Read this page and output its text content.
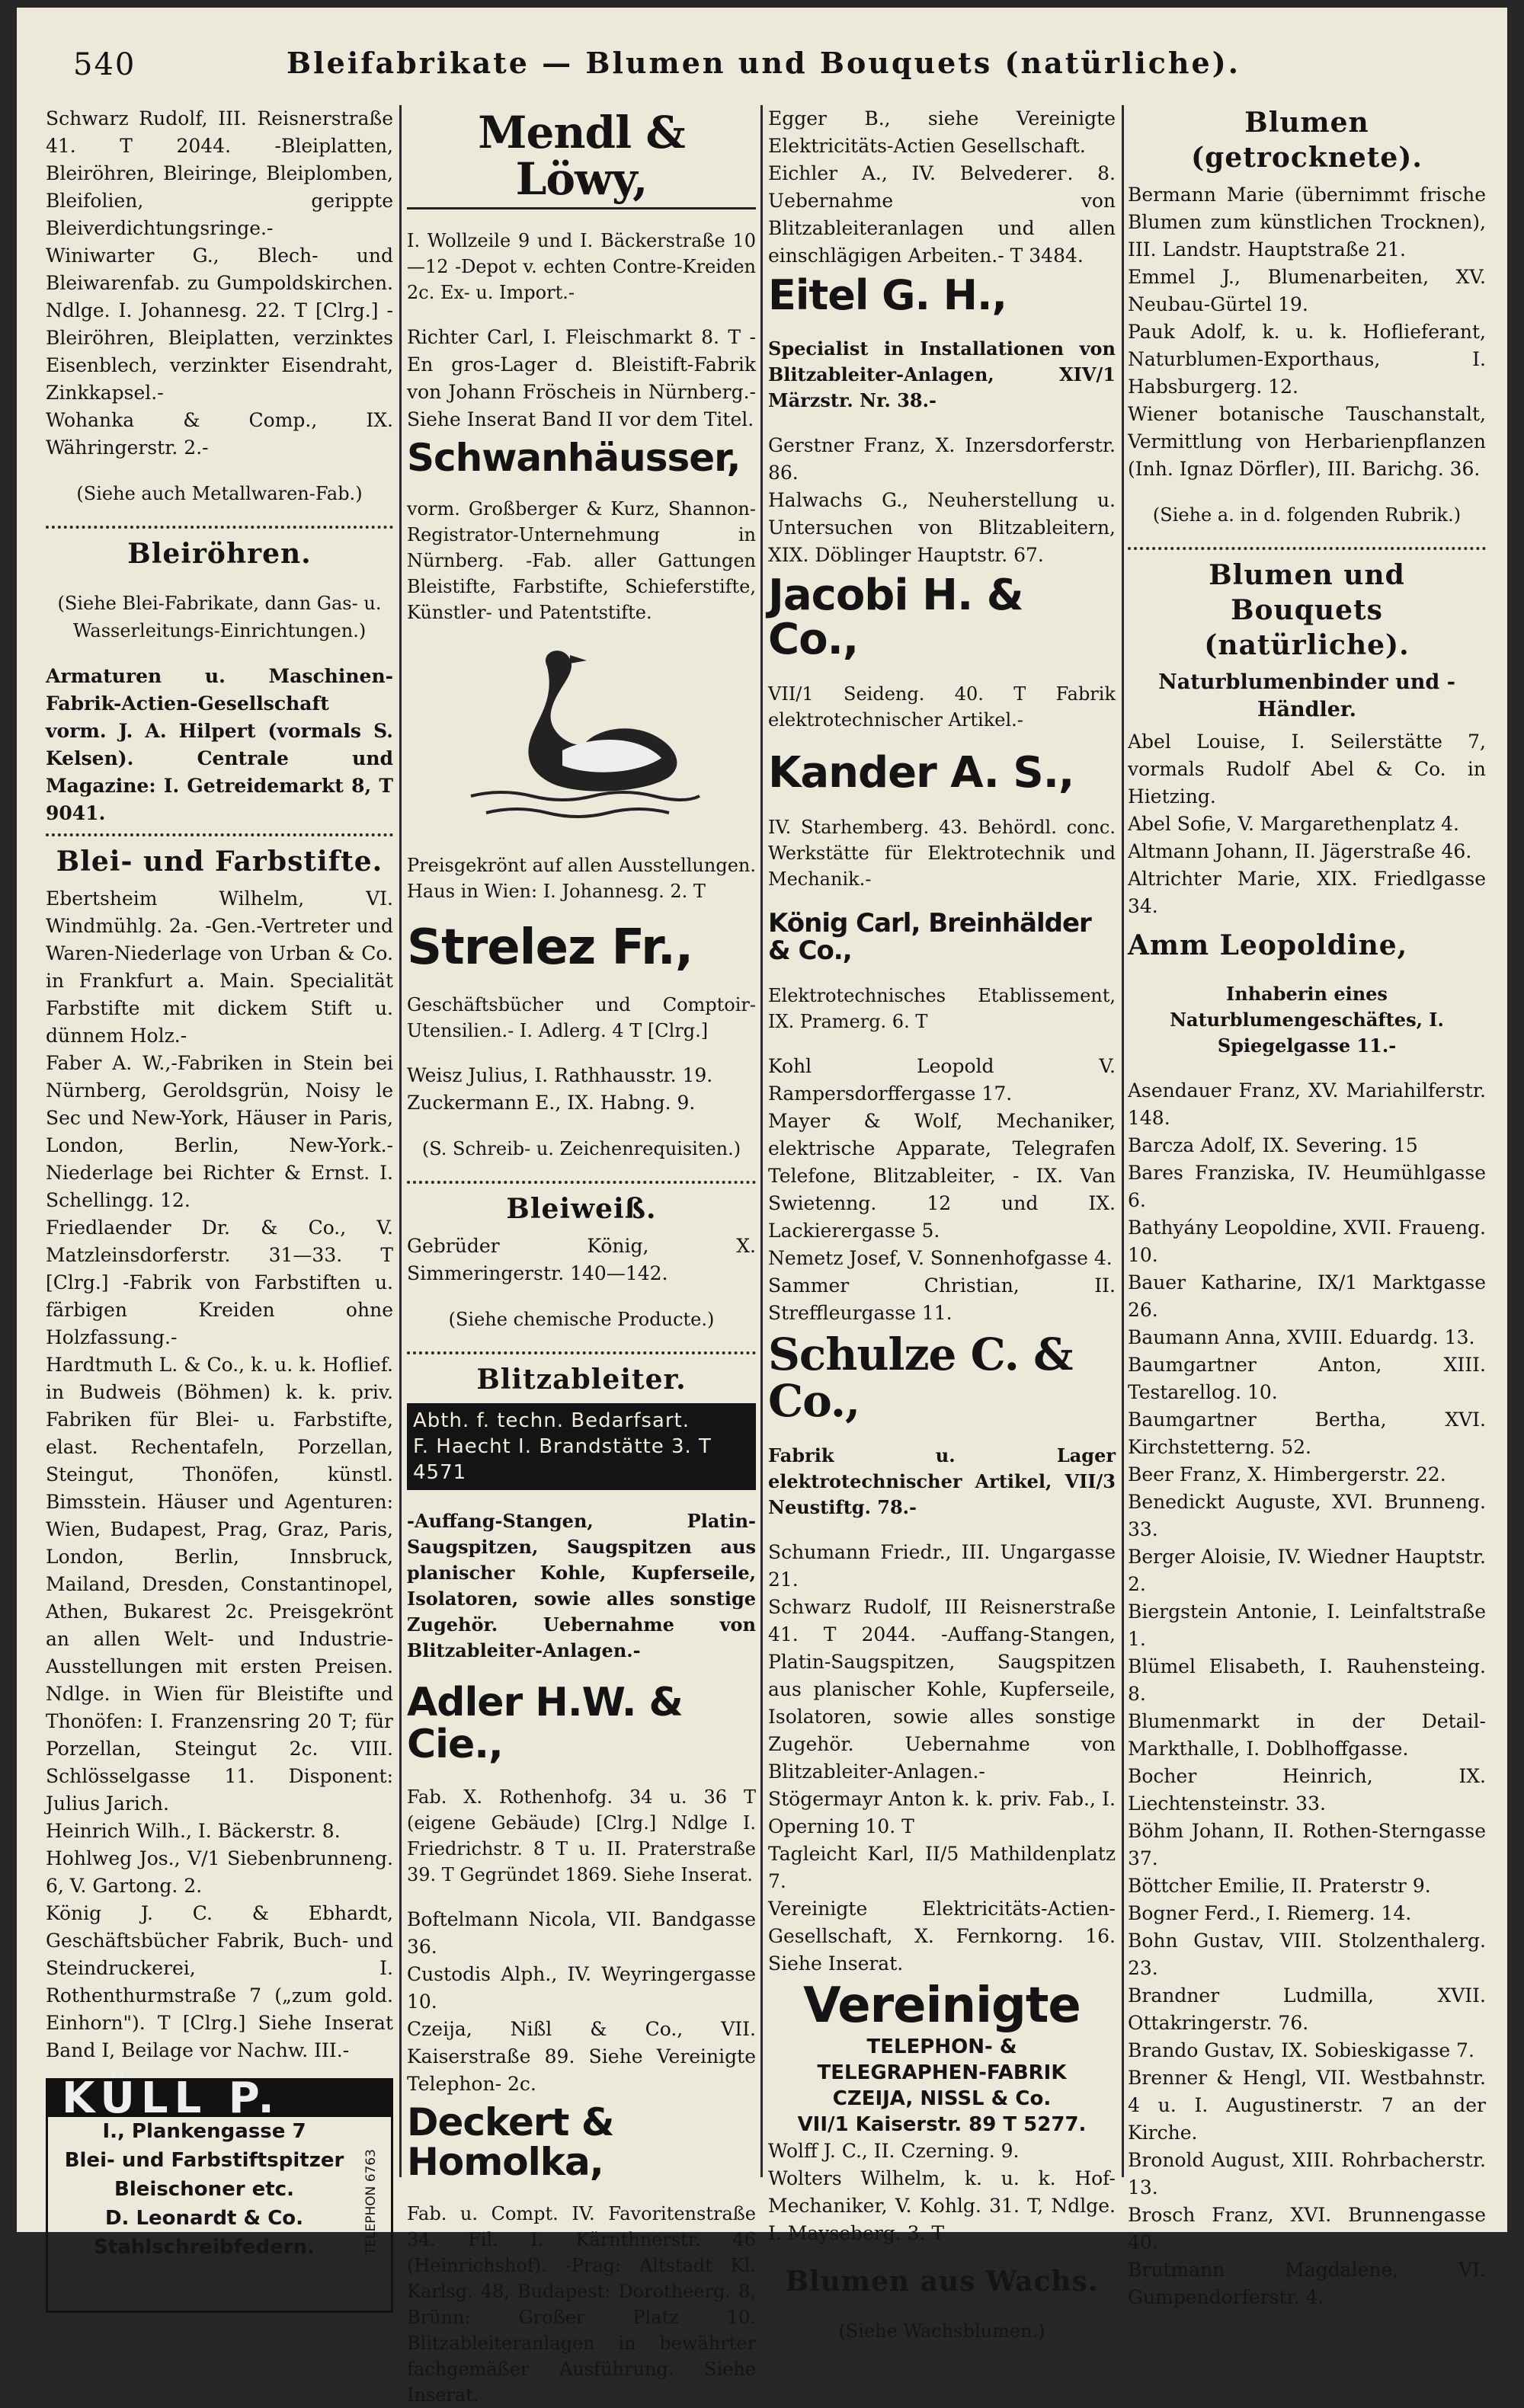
540	Bleifabrikate — Blumen und Bouquets (natürliche).

Schwarz Rudolf, III. Reisnerstraße 41. T 2044. -Bleiplatten, Bleiröhren, Bleiringe, Bleiplomben, Bleifolien, gerippte Bleiverdichtungsringe.-

Winiwarter G., Blech- und Bleiwarenfab. zu Gumpoldskirchen. Ndlge. I. Johannesg. 22. T [Clrg.] -Bleiröhren, Bleiplatten, verzinktes Eisenblech, verzinkter Eisendraht, Zinkkapsel.-

Wohanka & Comp., IX. Währingerstr. 2.-

(Siehe auch Metallwaren-Fab.)

Bleiröhren.

(Siehe Blei-Fabrikate, dann Gas- u. Wasserleitungs-Einrichtungen.)

Armaturen u. Maschinen-Fabrik-Actien-Gesellschaft vorm. J. A. Hilpert (vormals S. Kelsen). Centrale und Magazine: I. Getreidemarkt 8, T 9041.

Blei- und Farbstifte.

Ebertsheim Wilhelm, VI. Windmühlg. 2a. -Gen.-Vertreter und Waren-Niederlage von Urban & Co. in Frankfurt a. Main. Specialität Farbstifte mit dickem Stift u. dünnem Holz.-

Faber A. W.,-Fabriken in Stein bei Nürnberg, Geroldsgrün, Noisy le Sec und New-York, Häuser in Paris, London, Berlin, New-York.- Niederlage bei Richter & Ernst. I. Schellingg. 12.

Friedlaender Dr. & Co., V. Matzleinsdorferstr. 31—33. T [Clrg.] -Fabrik von Farbstiften u. färbigen Kreiden ohne Holzfassung.-

Hardtmuth L. & Co., k. u. k. Hoflief. in Budweis (Böhmen) k. k. priv. Fabriken für Blei- u. Farbstifte, elast. Rechentafeln, Porzellan, Steingut, Thonöfen, künstl. Bimsstein. Häuser und Agenturen: Wien, Budapest, Prag, Graz, Paris, London, Berlin, Innsbruck, Mailand, Dresden, Constantinopel, Athen, Bukarest 2c. Preisgekrönt an allen Welt- und Industrie-Ausstellungen mit ersten Preisen. Ndlge. in Wien für Bleistifte und Thonöfen: I. Franzensring 20 T; für Porzellan, Steingut 2c. VIII. Schlösselgasse 11. Disponent: Julius Jarich.

Heinrich Wilh., I. Bäckerstr. 8.

Hohlweg Jos., V/1 Siebenbrunneng. 6, V. Gartong. 2.

König J. C. & Ebhardt, Geschäftsbücher Fabrik, Buch- und Steindruckerei, I. Rothenthurmstraße 7 („zum gold. Einhorn"). T [Clrg.] Siehe Inserat Band I, Beilage vor Nachw. III.-

KÜLL P.
I., Plankengasse 7
Blei- und Farbstiftspitzer
Bleischoner etc.
D. Leonardt & Co.
Stahlschreibfedern.	TELEPHON 6763
Mendl & Löwy,

I. Wollzeile 9 und I. Bäckerstraße 10—12 -Depot v. echten Contre-Kreiden 2c. Ex- u. Import.-

Richter Carl, I. Fleischmarkt 8. T -En gros-Lager d. Bleistift-Fabrik von Johann Fröscheis in Nürnberg.- Siehe Inserat Band II vor dem Titel.

Schwanhäusser,

vorm. Großberger & Kurz, Shannon-Registrator-Unternehmung in Nürnberg. -Fab. aller Gattungen Bleistifte, Farbstifte, Schieferstifte, Künstler- und Patentstifte.

Preisgekrönt auf allen Ausstellungen. Haus in Wien: I. Johannesg. 2. T

Strelez Fr.,

Geschäftsbücher und Comptoir-Utensilien.- I. Adlerg. 4 T [Clrg.]

Weisz Julius, I. Rathhausstr. 19.

Zuckermann E., IX. Habng. 9.

(S. Schreib- u. Zeichenrequisiten.)

Bleiweiß.

Gebrüder König, X. Simmeringerstr. 140—142.

(Siehe chemische Producte.)

Blitzableiter.
Abth. f. techn. Bedarfsart.
F. Haecht I. Brandstätte 3. T 4571

-Auffang-Stangen, Platin-Saugspitzen, Saugspitzen aus planischer Kohle, Kupferseile, Isolatoren, sowie alles sonstige Zugehör. Uebernahme von Blitzableiter-Anlagen.-

Adler H.W. & Cie.,

Fab. X. Rothenhofg. 34 u. 36 T (eigene Gebäude) [Clrg.] Ndlge I. Friedrichstr. 8 T u. II. Praterstraße 39. T Gegründet 1869. Siehe Inserat.

Boftelmann Nicola, VII. Bandgasse 36.

Custodis Alph., IV. Weyringergasse 10.

Czeija, Nißl & Co., VII. Kaiserstraße 89. Siehe Vereinigte Telephon- 2c.

Deckert & Homolka,

Fab. u. Compt. IV. Favoritenstraße 34. Fil. I. Kärnthnerstr. 46 (Heinrichshof). -Prag: Altstadt Kl. Karlsg. 48, Budapest: Dorotheerg. 8, Brünn: Großer Platz 10. Blitzableiteranlagen in bewährter fachgemäßer Ausführung. Siehe Inserat.

Egger B., siehe Vereinigte Elektricitäts-Actien Gesellschaft.

Eichler A., IV. Belvederег. 8. Uebernahme von Blitzableiteranlagen und allen einschlägigen Arbeiten.- T 3484.

Eitel G. H.,

Specialist in Installationen von Blitzableiter-Anlagen, XIV/1 Märzstr. Nr. 38.-

Gerstner Franz, X. Inzersdorferstr. 86.

Halwachs G., Neuherstellung u. Untersuchen von Blitzableitern, XIX. Döblinger Hauptstr. 67.

Jacobi H. & Co.,

VII/1 Seideng. 40. T Fabrik elektrotechnischer Artikel.-

Kander A. S.,

IV. Starhemberg. 43. Behördl. conc. Werkstätte für Elektrotechnik und Mechanik.-

König Carl, Breinhälder & Co.,

Elektrotechnisches Etablissement, IX. Pramerg. 6. T

Kohl Leopold V. Rampersdorffergasse 17.

Mayer & Wolf, Mechaniker, elektrische Apparate, Telegrafen Telefone, Blitzableiter, - IX. Van Swietenng. 12 und IX. Lackierergasse 5.

Nemetz Josef, V. Sonnenhofgasse 4.

Sammer Christian, II. Streffleurgasse 11.

Schulze C. & Co.,

Fabrik u. Lager elektrotechnischer Artikel, VII/3 Neustiftg. 78.-

Schumann Friedr., III. Ungargasse 21.

Schwarz Rudolf, III Reisnerstraße 41. T 2044. -Auffang-Stangen, Platin-Saugspitzen, Saugspitzen aus planischer Kohle, Kupferseile, Isolatoren, sowie alles sonstige Zugehör. Uebernahme von Blitzableiter-Anlagen.-

Stögermayr Anton k. k. priv. Fab., I. Operning 10. T

Tagleicht Karl, II/5 Mathildenplatz 7.

Vereinigte Elektricitäts-Actien-Gesellschaft, X. Fernkorng. 16. Siehe Inserat.

Vereinigte
TELEPHON- &
TELEGRAPHEN-FABRIK
CZEIJA, NISSL & Co.
VII/1 Kaiserstr. 89 T 5277.

Wolff J. C., II. Czerning. 9.

Wolters Wilhelm, k. u. k. Hof-Mechaniker, V. Kohlg. 31. T, Ndlge. I. Mayseberg. 3. T

Blumen aus Wachs.

(Siehe Wachsblumen.)

Blumen (getrocknete).

Bermann Marie (übernimmt frische Blumen zum künstlichen Trocknen), III. Landstr. Hauptstraße 21.

Emmel J., Blumenarbeiten, XV. Neubau-Gürtel 19.

Pauk Adolf, k. u. k. Hoflieferant, Naturblumen-Exporthaus, I. Habsburgerg. 12.

Wiener botanische Tauschanstalt, Vermittlung von Herbarienpflanzen (Inh. Ignaz Dörfler), III. Barichg. 36.

(Siehe a. in d. folgenden Rubrik.)

Blumen und Bouquets (natürliche).
Naturblumenbinder und -Händler.

Abel Louise, I. Seilerstätte 7, vormals Rudolf Abel & Co. in Hietzing.

Abel Sofie, V. Margarethenplatz 4.

Altmann Johann, II. Jägerstraße 46.

Altrichter Marie, XIX. Friedlgasse 34.

Amm Leopoldine,

Inhaberin eines Naturblumengeschäftes, I. Spiegelgasse 11.-

Asendauer Franz, XV. Mariahilferstr. 148.

Barcza Adolf, IX. Severing. 15

Bares Franziska, IV. Heumühlgasse 6.

Bathyány Leopoldine, XVII. Fraueng. 10.

Bauer Katharine, IX/1 Marktgasse 26.

Baumann Anna, XVIII. Eduardg. 13.

Baumgartner Anton, XIII. Testarellog. 10.

Baumgartner Bertha, XVI. Kirchstetterng. 52.

Beer Franz, X. Himbergerstr. 22.

Benedickt Auguste, XVI. Brunneng. 33.

Berger Aloisie, IV. Wiedner Hauptstr. 2.

Biergstein Antonie, I. Leinfaltstraße 1.

Blümel Elisabeth, I. Rauhensteing. 8.

Blumenmarkt in der Detail-Markthalle, I. Doblhoffgasse.

Bocher Heinrich, IX. Liechtensteinstr. 33.

Böhm Johann, II. Rothen-Sterngasse 37.

Böttcher Emilie, II. Praterstr 9.

Bogner Ferd., I. Riemerg. 14.

Bohn Gustav, VIII. Stolzenthalerg. 23.

Brandner Ludmilla, XVII. Ottakringerstr. 76.

Brando Gustav, IX. Sobieskigasse 7.

Brenner & Hengl, VII. Westbahnstr. 4 u. I. Augustinerstr. 7 an der Kirche.

Bronold August, XIII. Rohrbacherstr. 13.

Brosch Franz, XVI. Brunnengasse 40.

Brutmann Magdalene, VI. Gumpendorferstr. 4.
